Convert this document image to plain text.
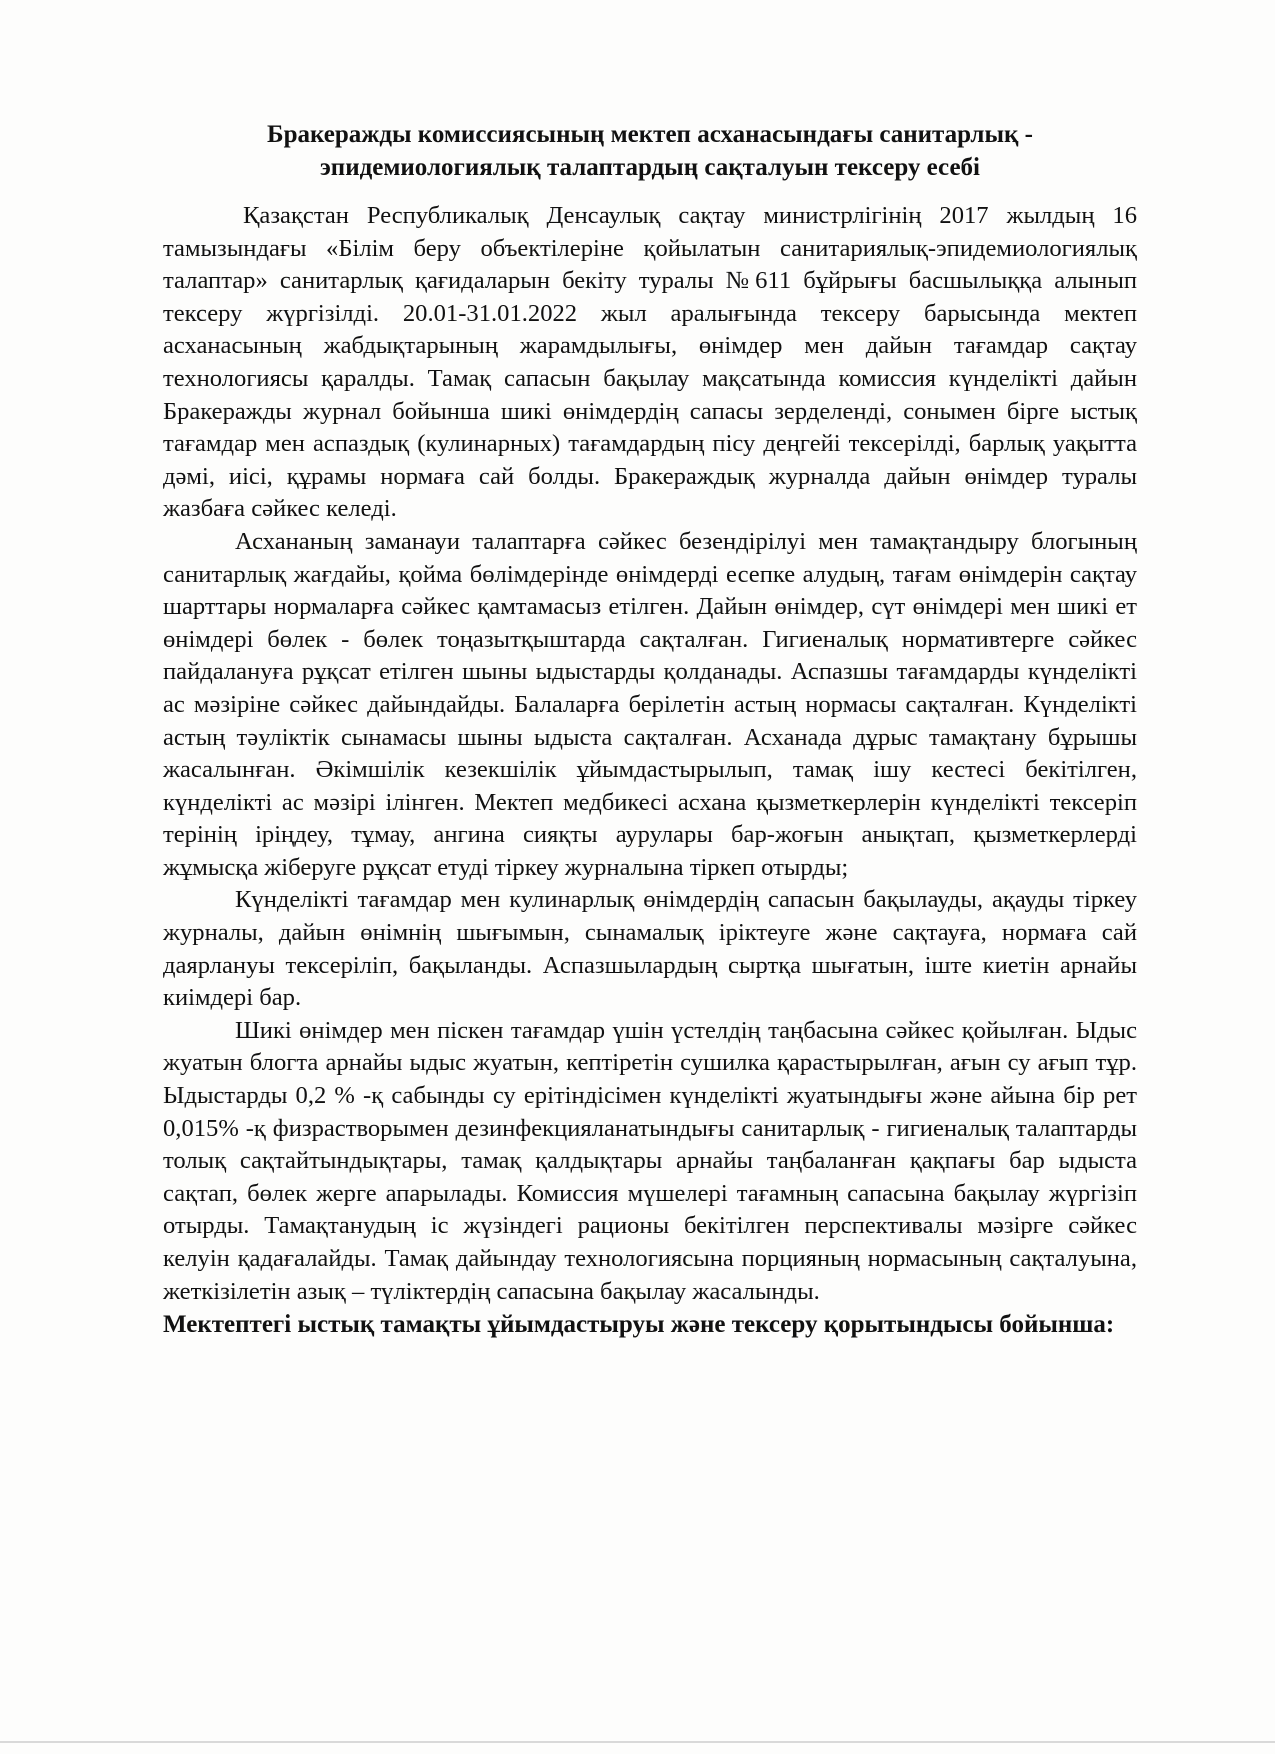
Бракеражды комиссиясының мектеп асханасындағы санитарлық -
эпидемиологиялық талаптардың сақталуын тексеру есебі

Қазақстан Республикалық Денсаулық сақтау министрлігінің 2017 жылдың 16 тамызындағы «Білім беру объектілеріне қойылатын санитариялық-эпидемиологиялық талаптар» санитарлық қағидаларын бекіту туралы №611 бұйрығы басшылыққа алынып тексеру жүргізілді. 20.01-31.01.2022 жыл аралығында тексеру барысында мектеп асханасының жабдықтарының жарамдылығы, өнімдер мен дайын тағамдар сақтау технологиясы қаралды. Тамақ сапасын бақылау мақсатында комиссия күнделікті дайын Бракеражды журнал бойынша шикі өнімдердің сапасы зерделенді, сонымен бірге ыстық тағамдар мен аспаздық (кулинарных) тағамдардың пісу деңгейі тексерілді, барлық уақытта дәмі, иісі, құрамы нормаға сай болды. Бракераждық журналда дайын өнімдер туралы жазбаға сәйкес келеді.

Асхананың заманауи талаптарға сәйкес безендірілуі мен тамақтандыру блогының санитарлық жағдайы, қойма бөлімдерінде өнімдерді есепке алудың, тағам өнімдерін сақтау шарттары нормаларға сәйкес қамтамасыз етілген. Дайын өнімдер, сүт өнімдері мен шикі ет өнімдері бөлек - бөлек тоңазытқыштарда сақталған. Гигиеналық нормативтерге сәйкес пайдалануға рұқсат етілген шыны ыдыстарды қолданады. Аспазшы тағамдарды күнделікті ас мәзіріне сәйкес дайындайды. Балаларға берілетін астың нормасы сақталған. Күнделікті астың тәуліктік сынамасы шыны ыдыста сақталған. Асханада дұрыс тамақтану бұрышы жасалынған. Әкімшілік кезекшілік ұйымдастырылып, тамақ ішу кестесі бекітілген, күнделікті ас мәзірі ілінген. Мектеп медбикесі асхана қызметкерлерін күнделікті тексеріп терінің іріңдеу, тұмау, ангина сияқты аурулары бар-жоғын анықтап, қызметкерлерді жұмысқа жіберуге рұқсат етуді тіркеу журналына тіркеп отырды;

Күнделікті тағамдар мен кулинарлық өнімдердің сапасын бақылауды, ақауды тіркеу журналы, дайын өнімнің шығымын, сынамалық іріктеуге және сақтауға, нормаға сай даярлануы тексеріліп, бақыланды. Аспазшылардың сыртқа шығатын, іште киетін арнайы киімдері бар.

Шикі өнімдер мен піскен тағамдар үшін үстелдің таңбасына сәйкес қойылған. Ыдыс жуатын блогта арнайы ыдыс жуатын, кептіретін сушилка қарастырылған, ағын су ағып тұр. Ыдыстарды 0,2 % -қ сабынды су ерітіндісімен күнделікті жуатындығы және айына бір рет 0,015% -қ физрастворымен дезинфекцияланатындығы санитарлық - гигиеналық талаптарды толық сақтайтындықтары, тамақ қалдықтары арнайы таңбаланған қақпағы бар ыдыста сақтап, бөлек жерге апарылады. Комиссия мүшелері тағамның сапасына бақылау жүргізіп отырды. Тамақтанудың іс жүзіндегі рационы бекітілген перспективалы мәзірге сәйкес келуін қадағалайды. Тамақ дайындау технологиясына порцияның нормасының сақталуына, жеткізілетін азық – түліктердің сапасына бақылау жасалынды.

Мектептегі ыстық тамақты ұйымдастыруы және тексеру қорытындысы бойынша:
